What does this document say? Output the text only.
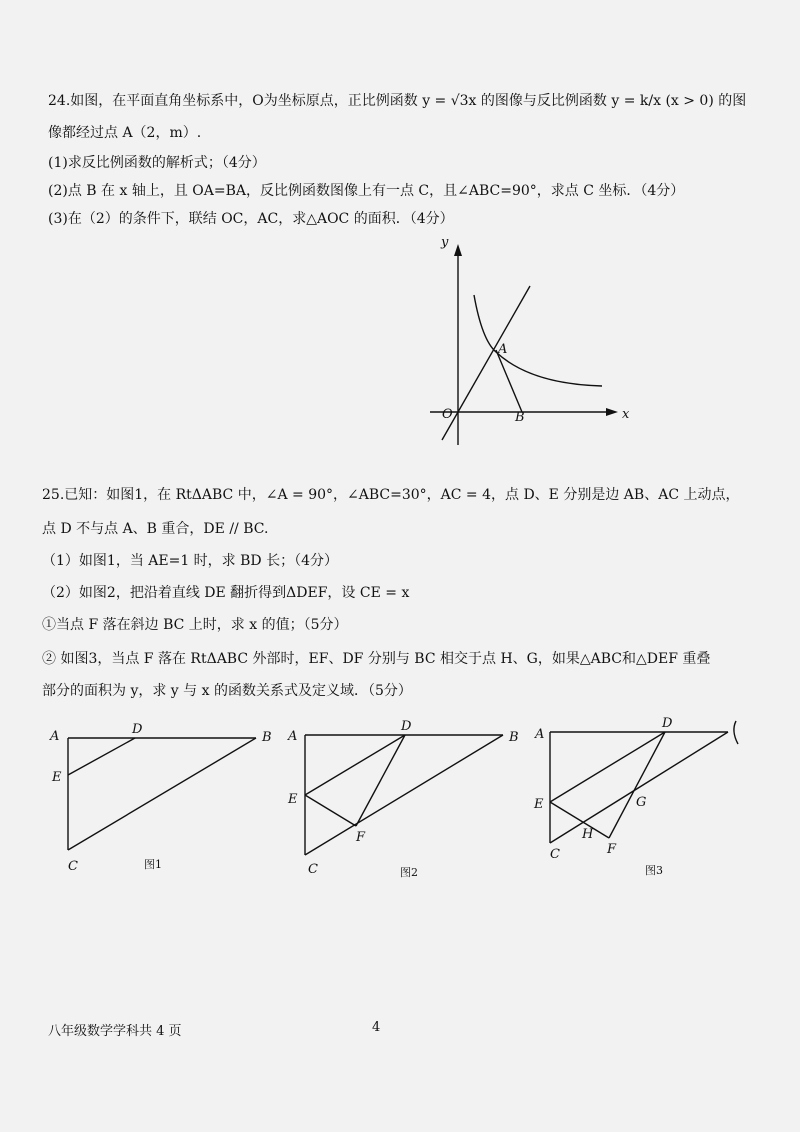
24.如图，在平面直角坐标系中，O为坐标原点，正比例函数 y = √3x 的图像与反比例函数 y = k/x (x > 0) 的图
像都经过点 A（2，m）.
(1)求反比例函数的解析式；（4分）
(2)点 B 在 x 轴上，且 OA=BA，反比例函数图像上有一点 C，且∠ABC=90°，求点 C 坐标．（4分）
(3)在（2）的条件下，联结 OC，AC，求△AOC 的面积．（4分）
y
x
O
A
B
25.已知：如图1，在 RtΔABC 中，∠A = 90°，∠ABC=30°，AC = 4，点 D、E 分别是边 AB、AC 上动点，
点 D 不与点 A、B 重合，DE // BC.
（1）如图1，当 AE=1 时，求 BD 长；（4分）
（2）如图2，把沿着直线 DE 翻折得到ΔDEF，设 CE = x
①当点 F 落在斜边 BC 上时，求 x 的值；（5分）
② 如图3，当点 F 落在 RtΔABC 外部时，EF、DF 分别与 BC 相交于点 H、G，如果△ABC和△DEF 重叠
部分的面积为 y，求 y 与 x 的函数关系式及定义域．（5分）
A	B
C
D
E
图1
A	B
C
D
E
F
图2
A
C
D
E
F
G
H
图3
八年级数学学科共 4 页	4
